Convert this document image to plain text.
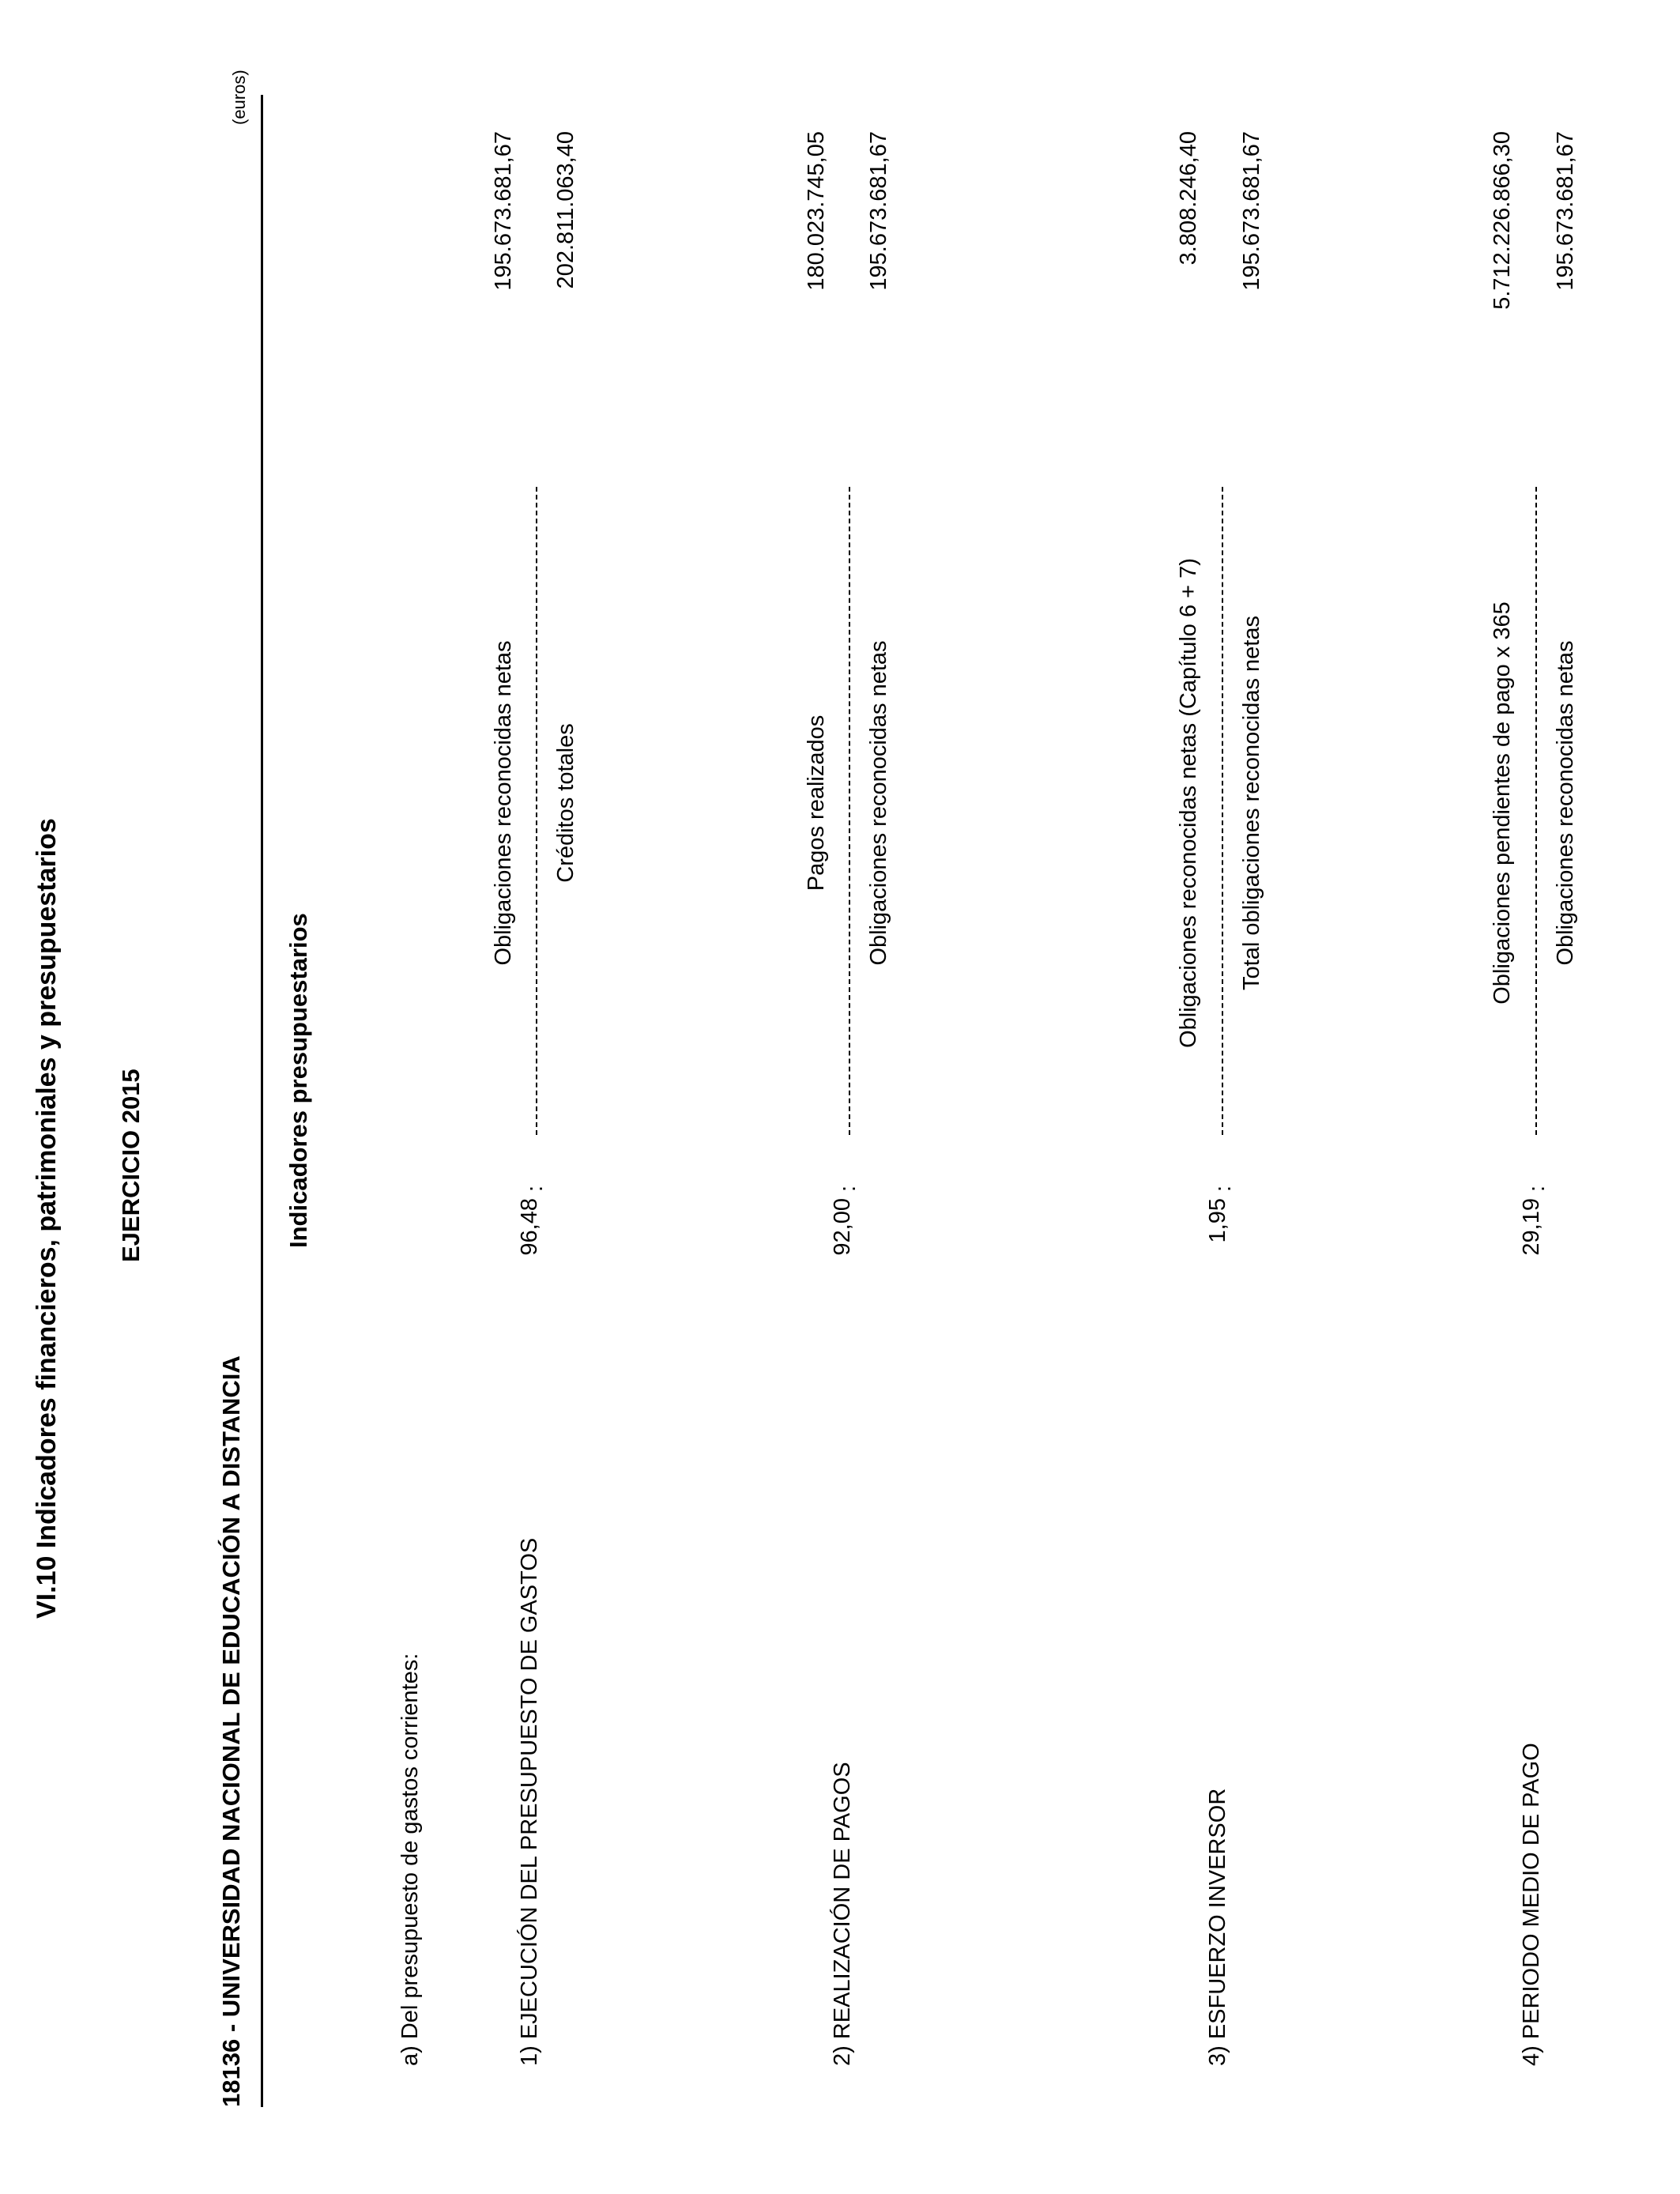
VI.10 Indicadores financieros, patrimoniales y presupuestarios EJERCICIO 2015
18136 - UNIVERSIDAD NACIONAL DE EDUCACIÓN A DISTANCIA
(euros)
Indicadores presupuestarios
a) Del presupuesto de gastos corrientes:	1) EJECUCIÓN DEL PRESUPUESTO DE GASTOS
96,48
:
Obligaciones reconocidas netas Créditos totales
195.673.681,67 202.811.063,40
2) REALIZACIÓN DE PAGOS
92,00
:
Pagos realizados Obligaciones reconocidas netas
180.023.745,05 195.673.681,67
3) ESFUERZO INVERSOR
1,95
:
Obligaciones reconocidas netas (Capítulo 6 + 7) Total obligaciones reconocidas netas
3.808.246,40 195.673.681,67
4) PERIODO MEDIO DE PAGO
29,19
:
Obligaciones pendientes de pago x 365 Obligaciones reconocidas netas
5.712.226.866,30 195.673.681,67
